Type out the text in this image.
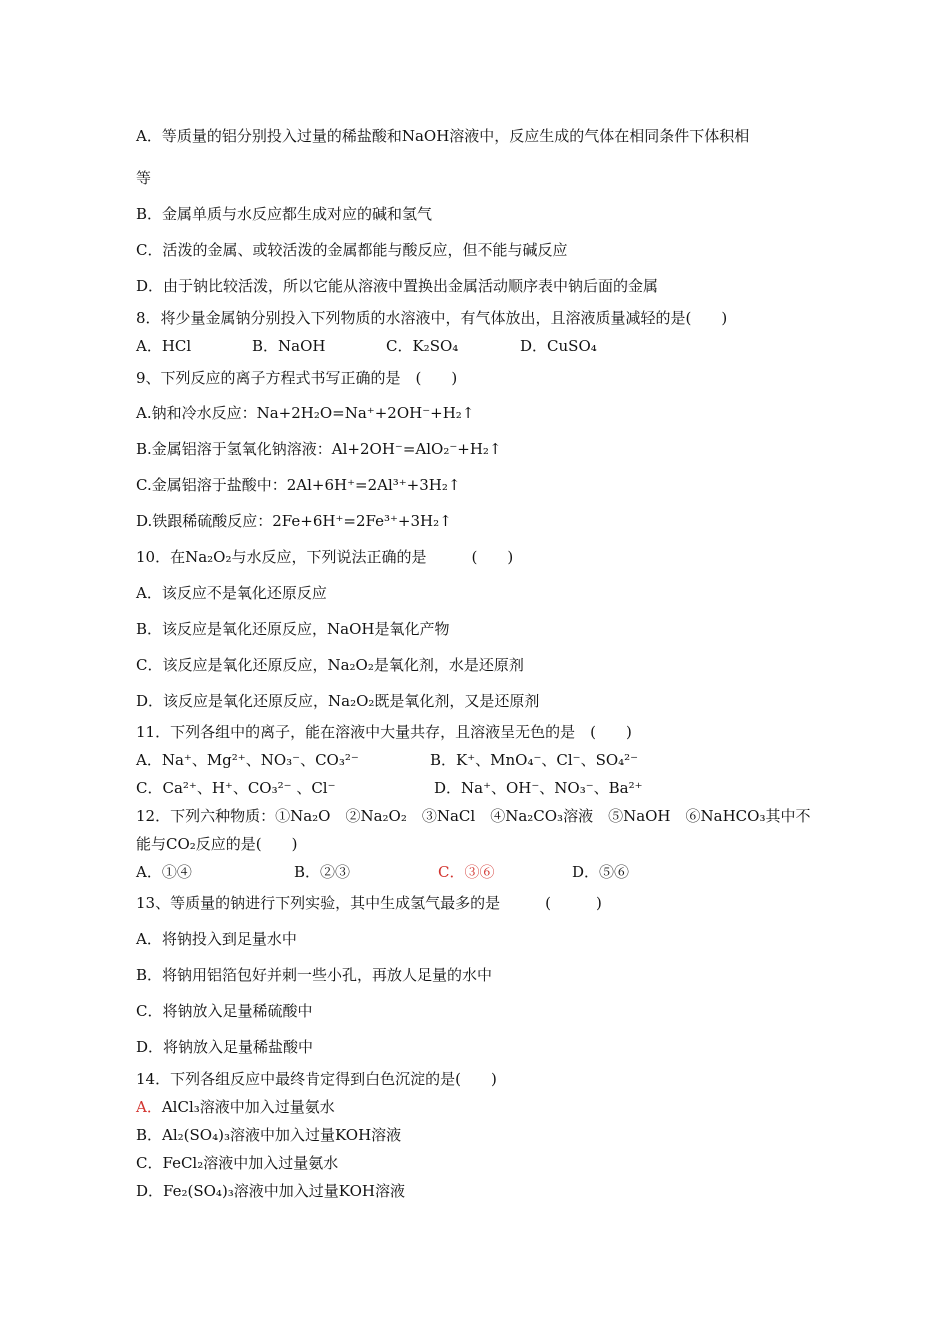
A．等质量的铝分别投入过量的稀盐酸和NaOH溶液中，反应生成的气体在相同条件下体积相
等
B．金属单质与水反应都生成对应的碱和氢气
C．活泼的金属、或较活泼的金属都能与酸反应，但不能与碱反应
D．由于钠比较活泼，所以它能从溶液中置换出金属活动顺序表中钠后面的金属
8．将少量金属钠分别投入下列物质的水溶液中，有气体放出，且溶液质量减轻的是(　　)
A．HCl	B．NaOH	C．K₂SO₄	D．CuSO₄
9、下列反应的离子方程式书写正确的是　(　　)
A.钠和冷水反应：Na+2H₂O=Na⁺+2OH⁻+H₂↑
B.金属铝溶于氢氧化钠溶液：Al+2OH⁻=AlO₂⁻+H₂↑
C.金属铝溶于盐酸中：2Al+6H⁺=2Al³⁺+3H₂↑
D.铁跟稀硫酸反应：2Fe+6H⁺=2Fe³⁺+3H₂↑
10．在Na₂O₂与水反应，下列说法正确的是　　　(　　)
A．该反应不是氧化还原反应
B．该反应是氧化还原反应，NaOH是氧化产物
C．该反应是氧化还原反应，Na₂O₂是氧化剂，水是还原剂
D．该反应是氧化还原反应，Na₂O₂既是氧化剂，又是还原剂
11．下列各组中的离子，能在溶液中大量共存，且溶液呈无色的是　(　　)
A．Na⁺、Mg²⁺、NO₃⁻、CO₃²⁻	B．K⁺、MnO₄⁻、Cl⁻、SO₄²⁻
C．Ca²⁺、H⁺、CO₃²⁻ 、Cl⁻	D．Na⁺、OH⁻、NO₃⁻、Ba²⁺
12．下列六种物质：①Na₂O　②Na₂O₂　③NaCl　④Na₂CO₃溶液　⑤NaOH　⑥NaHCO₃其中不
能与CO₂反应的是(　　)
A．①④	B．②③	C．③⑥	D．⑤⑥
13、等质量的钠进行下列实验，其中生成氢气最多的是　　　(　　　)
A．将钠投入到足量水中
B．将钠用铝箔包好并刺一些小孔，再放人足量的水中
C．将钠放入足量稀硫酸中
D．将钠放入足量稀盐酸中
14．下列各组反应中最终肯定得到白色沉淀的是(　　)
A．AlCl₃溶液中加入过量氨水
B．Al₂(SO₄)₃溶液中加入过量KOH溶液
C．FeCl₂溶液中加入过量氨水
D．Fe₂(SO₄)₃溶液中加入过量KOH溶液
